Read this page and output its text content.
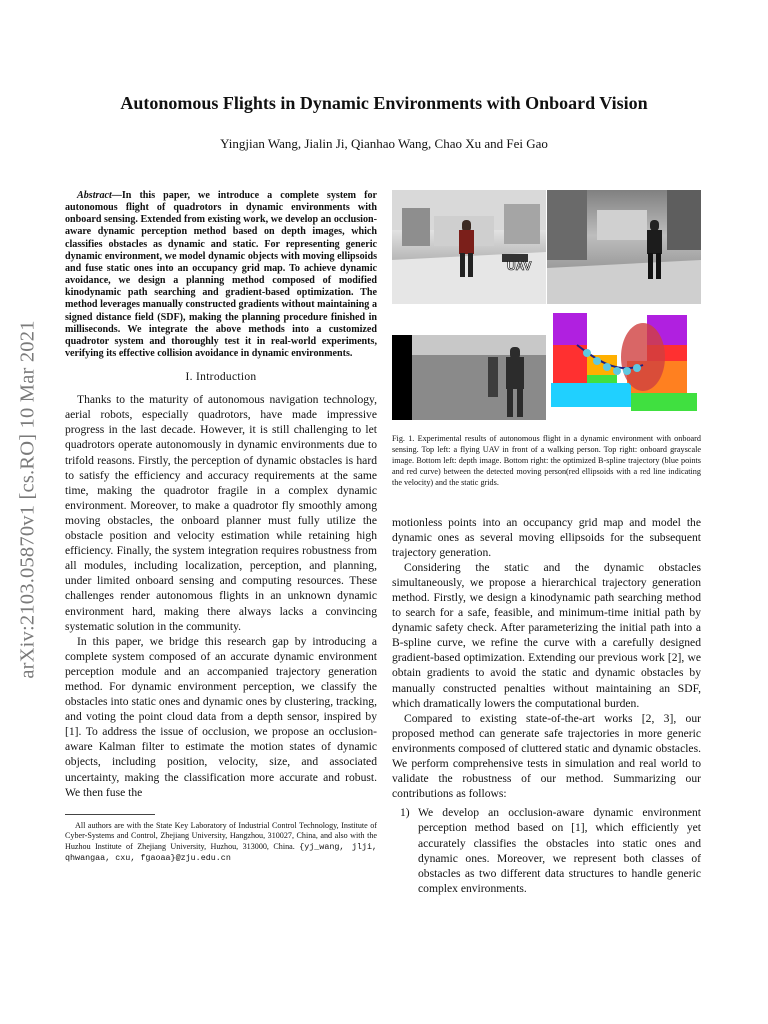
arXiv:2103.05870v1 [cs.RO] 10 Mar 2021
Autonomous Flights in Dynamic Environments with Onboard Vision
Yingjian Wang, Jialin Ji, Qianhao Wang, Chao Xu and Fei Gao

Abstract—In this paper, we introduce a complete system for autonomous flight of quadrotors in dynamic environments with onboard sensing. Extended from existing work, we develop an occlusion-aware dynamic perception method based on depth images, which classifies obstacles as dynamic and static. For representing generic dynamic environment, we model dynamic objects with moving ellipsoids and fuse static ones into an occupancy grid map. To achieve dynamic avoidance, we design a planning method composed of modified kinodynamic path searching and gradient-based optimization. The method leverages manually constructed gradients without maintaining a signed distance field (SDF), making the planning procedure finished in milliseconds. We integrate the above methods into a customized quadrotor system and thoroughly test it in real-world experiments, verifying its effective collision avoidance in dynamic environments.

I. Introduction

Thanks to the maturity of autonomous navigation technology, aerial robots, especially quadrotors, have made impressive progress in the last decade. However, it is still challenging to let quadrotors operate autonomously in dynamic environments due to trifold reasons. Firstly, the perception of dynamic obstacles is hard to satisfy the efficiency and accuracy requirements at the same time, making the quadrotor fragile in a complex dynamic environment. Moreover, to make a quadrotor fly smoothly among moving obstacles, the onboard planner must fully utilize the obstacle position and velocity estimation while retaining high efficiency. Finally, the system integration requires robustness from all modules, including localization, perception, and planning, under limited onboard sensing and computing resources. These challenges render autonomous flights in an unknown dynamic environment hard, making there always lacks a convincing systematic solution in the community.

In this paper, we bridge this research gap by introducing a complete system composed of an accurate dynamic environment perception module and an accompanied trajectory generation method. For dynamic environment perception, we classify the obstacles into static ones and dynamic ones by clustering, tracking, and voting the point cloud data from a depth sensor, inspired by [1]. To address the issue of occlusion, we propose an occlusion-aware Kalman filter to estimate the motion states of dynamic objects, including position, velocity, size, and associated uncertainty, making the classification more accurate and robust. We then fuse the

All authors are with the State Key Laboratory of Industrial Control Technology, Institute of Cyber-Systems and Control, Zhejiang University, Hangzhou, 310027, China, and also with the Huzhou Institute of Zhejiang University, Huzhou, 313000, China. {yj_wang, jlji, qhwangaa, cxu, fgaoaa}@zju.edu.cn

UAV

Fig. 1. Experimental results of autonomous flight in a dynamic environment with onboard sensing. Top left: a flying UAV in front of a walking person. Top right: onboard grayscale image. Bottom left: depth image. Bottom right: the optimized B-spline trajectory (blue points and red curve) between the detected moving person(red ellipsoids with a red line indicating the velocity) and the static grids.

motionless points into an occupancy grid map and model the dynamic ones as several moving ellipsoids for the subsequent trajectory generation.

Considering the static and the dynamic obstacles simultaneously, we propose a hierarchical trajectory generation method. Firstly, we design a kinodynamic path searching method to search for a safe, feasible, and minimum-time initial path by dynamic safety check. After parameterizing the initial path into a B-spline curve, we refine the curve with a carefully designed gradient-based optimization. Extending our previous work [2], we obtain gradients to avoid the static and dynamic obstacles by manually constructed penalties without maintaining an SDF, which dramatically lowers the computational burden.

Compared to existing state-of-the-art works [2, 3], our proposed method can generate safe trajectories in more generic environments composed of cluttered static and dynamic obstacles. We perform comprehensive tests in simulation and real world to validate the robustness of our method. Summarizing our contributions as follows:

1) We develop an occlusion-aware dynamic environment perception method based on [1], which efficiently yet accurately classifies the obstacles into static ones and dynamic ones. Moreover, we represent both classes of obstacles as two different data structures to handle generic complex environments.
